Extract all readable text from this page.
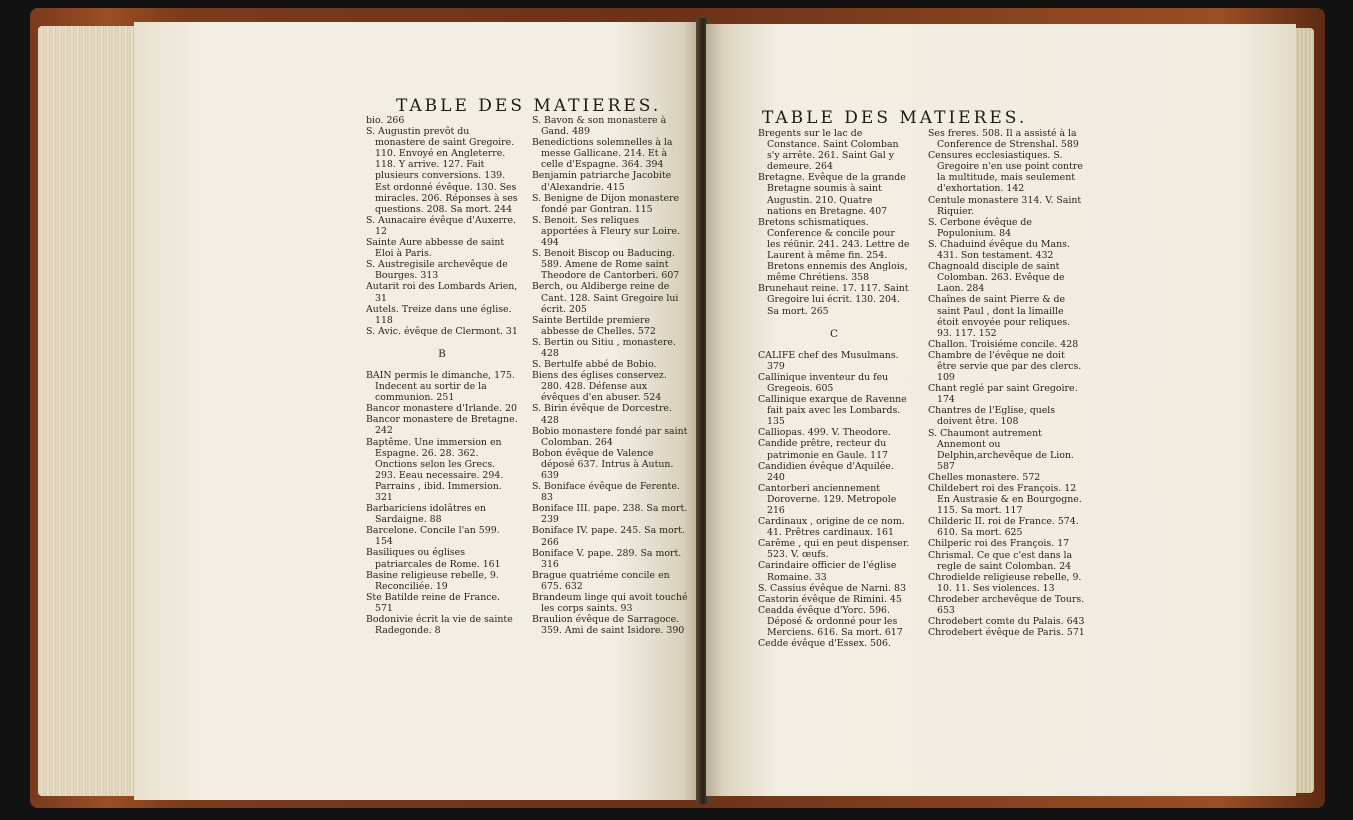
TABLE DES MATIERES.

bio. 266

S. Augustin prevôt du monastere de saint Gregoire. 110. Envoyé en Angleterre. 118. Y arrive. 127. Fait plusieurs conversions. 139. Est ordonné évêque. 130. Ses miracles. 206. Réponses à ses questions. 208. Sa mort. 244

S. Aunacaire évêque d'Auxerre. 12

Sainte Aure abbesse de saint Eloi à Paris.

S. Austregisile archevêque de Bourges. 313

Autarit roi des Lombards Arien, 31

Autels. Treize dans une église. 118

S. Avic. évêque de Clermont. 31

B

BAIN permis le dimanche, 175. Indecent au sortir de la communion. 251

Bancor monastere d'Irlande. 20

Bancor monastere de Bretagne. 242

Baptême. Une immersion en Espagne. 26. 28. 362. Onctions selon les Grecs. 293. Eeau necessaire. 294. Parrains , ibid. Immersion. 321

Barbariciens idolâtres en Sardaigne. 88

Barcelone. Concile l'an 599. 154

Basiliques ou églises patriarcales de Rome. 161

Basine religieuse rebelle, 9. Reconciliée. 19

Ste Batilde reine de France. 571

Bodonivie écrit la vie de sainte Radegonde. 8

S. Bavon & son monastere à Gand. 489

Benedictions solemnelles à la messe Gallicane. 214. Et à celle d'Espagne. 364. 394

Benjamin patriarche Jacobite d'Alexandrie. 415

S. Benigne de Dijon monastere fondé par Gontran. 115

S. Benoit. Ses reliques apportées à Fleury sur Loire. 494

S. Benoit Biscop ou Baducing. 589. Amene de Rome saint Theodore de Cantorberi. 607

Berch, ou Aldiberge reine de Cant. 128. Saint Gregoire lui écrit. 205

Sainte Bertilde premiere abbesse de Chelles. 572

S. Bertin ou Sitiu , monastere. 428

S. Bertulfe abbé de Bobio.

Biens des églises conservez. 280. 428. Défense aux évêques d'en abuser. 524

S. Birin évêque de Dorcestre. 428

Bobio monastere fondé par saint Colomban. 264

Bobon évêque de Valence déposé 637. Intrus à Autun. 639

S. Boniface évêque de Ferente. 83

Boniface III. pape. 238. Sa mort. 239

Boniface IV. pape. 245. Sa mort. 266

Boniface V. pape. 289. Sa mort. 316

Brague quatriéme concile en 675. 632

Brandeum linge qui avoit touché les corps saints. 93

Braulion évêque de Sarragoce. 359. Ami de saint Isidore. 390

TABLE DES MATIERES.

Bregents sur le lac de Constance. Saint Colomban s'y arrête. 261. Saint Gal y demeure. 264

Bretagne. Evêque de la grande Bretagne soumis à saint Augustin. 210. Quatre nations en Bretagne. 407

Bretons schismatiques. Conference & concile pour les réünir. 241. 243. Lettre de Laurent à même fin. 254. Bretons ennemis des Anglois, même Chrétiens. 358

Brunehaut reine. 17. 117. Saint Gregoire lui écrit. 130. 204. Sa mort. 265

C

CALIFE chef des Musulmans. 379

Callinique inventeur du feu Gregeois. 605

Callinique exarque de Ravenne fait paix avec les Lombards. 135

Calliopas. 499. V. Theodore.

Candide prêtre, recteur du patrimonie en Gaule. 117

Candidien évêque d'Aquilée. 240

Cantorberi anciennement Doroverne. 129. Metropole 216

Cardinaux , origine de ce nom. 41. Prêtres cardinaux. 161

Carême , qui en peut dispenser. 523. V. œufs.

Carindaire officier de l'église Romaine. 33

S. Cassius évêque de Narni. 83

Castorin évêque de Rimini. 45

Ceadda évêque d'Yorc. 596. Déposé & ordonné pour les Merciens. 616. Sa mort. 617

Cedde évêque d'Essex. 506.

Ses freres. 508. Il a assisté à la Conference de Strenshal. 589

Censures ecclesiastiques. S. Gregoire n'en use point contre la multitude, mais seulement d'exhortation. 142

Centule monastere 314. V. Saint Riquier.

S. Cerbone évêque de Populonium. 84

S. Chaduind évêque du Mans. 431. Son testament. 432

Chagnoald disciple de saint Colomban. 263. Evêque de Laon. 284

Chaînes de saint Pierre & de saint Paul , dont la limaille étoit envoyée pour reliques. 93. 117. 152

Challon. Troisiéme concile. 428

Chambre de l'évêque ne doit être servie que par des clercs. 109

Chant reglé par saint Gregoire. 174

Chantres de l'Eglise, quels doivent être. 108

S. Chaumont autrement Annemont ou Delphin,archevêque de Lion. 587

Chelles monastere. 572

Childebert roi des François. 12 En Austrasie & en Bourgogne. 115. Sa mort. 117

Childeric II. roi de France. 574. 610. Sa mort. 625

Chilperic roi des François. 17

Chrismal. Ce que c'est dans la regle de saint Colomban. 24

Chrodielde religieuse rebelle, 9. 10. 11. Ses violences. 13

Chrodeber archevêque de Tours. 653

Chrodebert comte du Palais. 643

Chrodebert évêque de Paris. 571
